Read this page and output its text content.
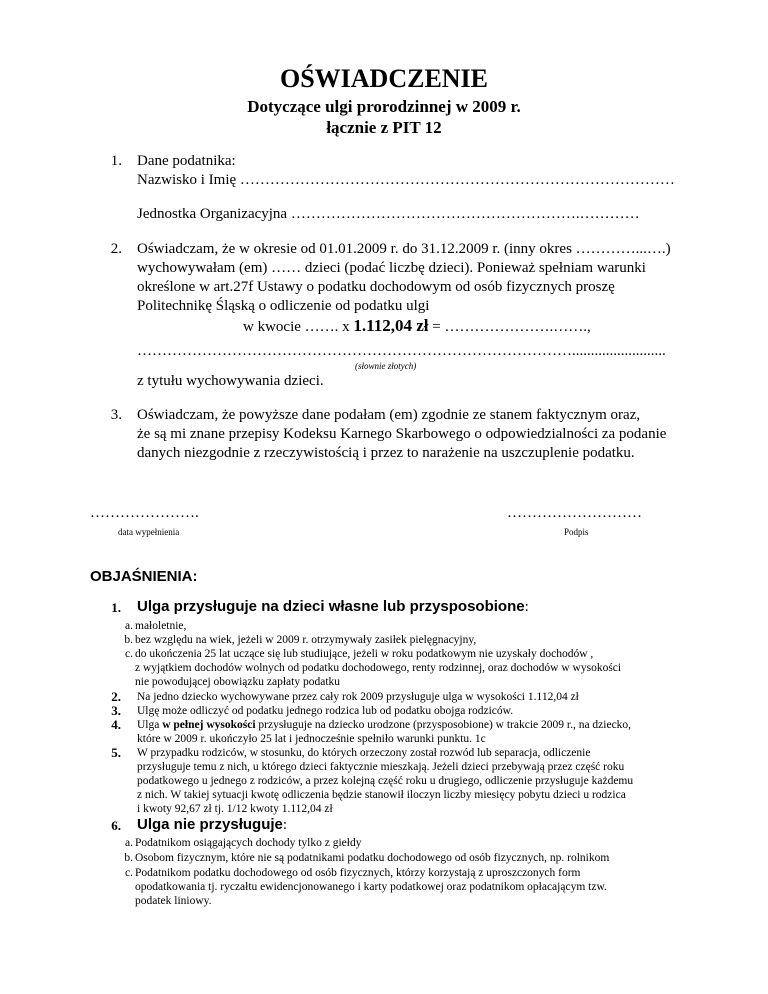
OŚWIADCZENIE
Dotyczące ulgi prorodzinnej w 2009 r.
łącznie z PIT 12
1. Dane podatnika:
Nazwisko i Imię ……………………………………………………………………………
Jednostka Organizacyjna ………………………………………………….…………
2. Oświadczam, że w okresie od 01.01.2009 r. do 31.12.2009 r. (inny okres …………...….)
wychowywałam (em) …… dzieci (podać liczbę dzieci). Ponieważ spełniam warunki
określone w art.27f Ustawy o podatku dochodowym od osób fizycznych proszę
Politechnikę Śląską o odliczenie od podatku ulgi
w kwocie ……. x 1.112,04 zł = ………………….…….,
…………………………………………………………………………….........................
(słownie złotych)
z tytułu wychowywania dzieci.
3. Oświadczam, że powyższe dane podałam (em) zgodnie ze stanem faktycznym oraz,
że są mi znane przepisy Kodeksu Karnego Skarbowego o odpowiedzialności za podanie
danych niezgodnie z rzeczywistością i przez to narażenie na uszczuplenie podatku.
………………….
data wypełnienia
………………………
Podpis
OBJAŚNIENIA:
1. Ulga przysługuje na dzieci własne lub przysposobione:
a. małoletnie,
b. bez względu na wiek, jeżeli w 2009 r. otrzymywały zasiłek pielęgnacyjny,
c. do ukończenia 25 lat uczące się lub studiujące, jeżeli w roku podatkowym nie uzyskały dochodów ,
z wyjątkiem dochodów wolnych od podatku dochodowego, renty rodzinnej, oraz dochodów w wysokości
nie powodującej obowiązku zapłaty podatku
2. Na jedno dziecko wychowywane przez cały rok 2009 przysługuje ulga w wysokości 1.112,04 zł
3. Ulgę może odliczyć od podatku jednego rodzica lub od podatku obojga rodziców.
4. Ulga w pełnej wysokości przysługuje na dziecko urodzone (przysposobione) w trakcie 2009 r., na dziecko,
które w 2009 r. ukończyło 25 lat i jednocześnie spełniło warunki punktu. 1c
5. W przypadku rodziców, w stosunku, do których orzeczony został rozwód lub separacja, odliczenie
przysługuje temu z nich, u którego dzieci faktycznie mieszkają. Jeżeli dzieci przebywają przez część roku
podatkowego u jednego z rodziców, a przez kolejną część roku u drugiego, odliczenie przysługuje każdemu
z nich. W takiej sytuacji kwotę odliczenia będzie stanowił iloczyn liczby miesięcy pobytu dzieci u rodzica
i kwoty 92,67 zł tj. 1/12 kwoty 1.112,04 zł
6. Ulga nie przysługuje:
a. Podatnikom osiągających dochody tylko z giełdy
b. Osobom fizycznym, które nie są podatnikami podatku dochodowego od osób fizycznych, np. rolnikom
c. Podatnikom podatku dochodowego od osób fizycznych, którzy korzystają z uproszczonych form
opodatkowania tj. ryczałtu ewidencjonowanego i karty podatkowej oraz podatnikom opłacającym tzw.
podatek liniowy.
